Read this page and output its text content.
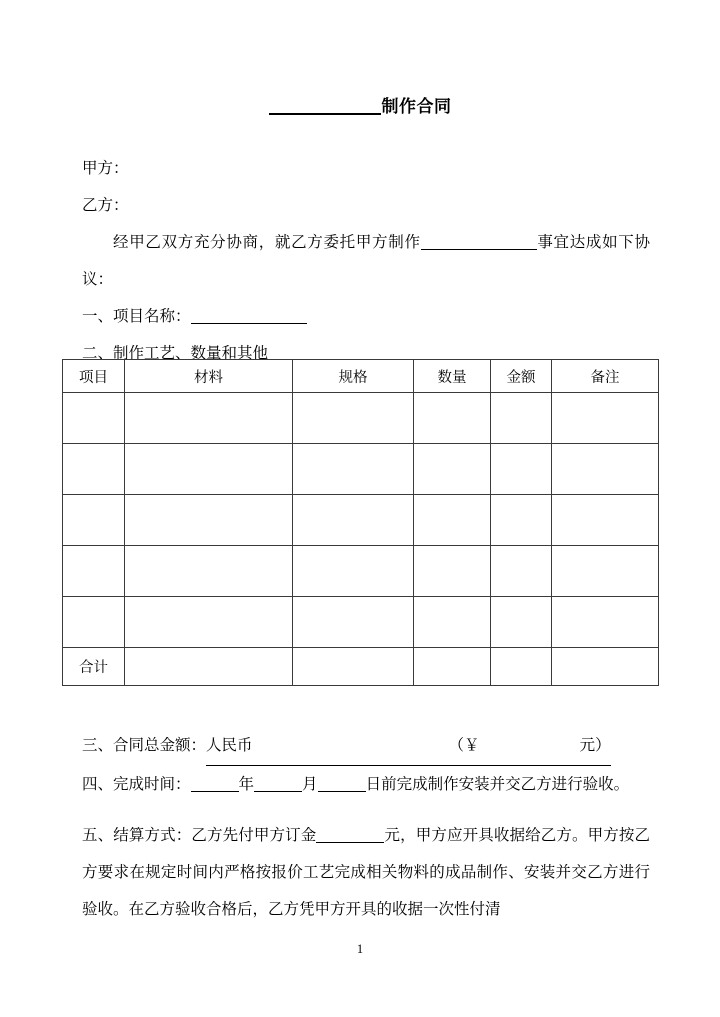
制作合同

甲方：

乙方：

经甲乙双方充分协商，就乙方委托甲方制作	事宜达成如下协议：

一、项目名称：

二、制作工艺、数量和其他

项目	材料	规格	数量	金额	备注

合计					

三、合同总金额：人民币	（￥	元）

四、完成时间：	年	月	日前完成制作安装并交乙方进行验收。

五、结算方式：乙方先付甲方订金	元，甲方应开具收据给乙方。甲方按乙方要求在规定时间内严格按报价工艺完成相关物料的成品制作、安装并交乙方进行验收。在乙方验收合格后，乙方凭甲方开具的收据一次性付清

1
